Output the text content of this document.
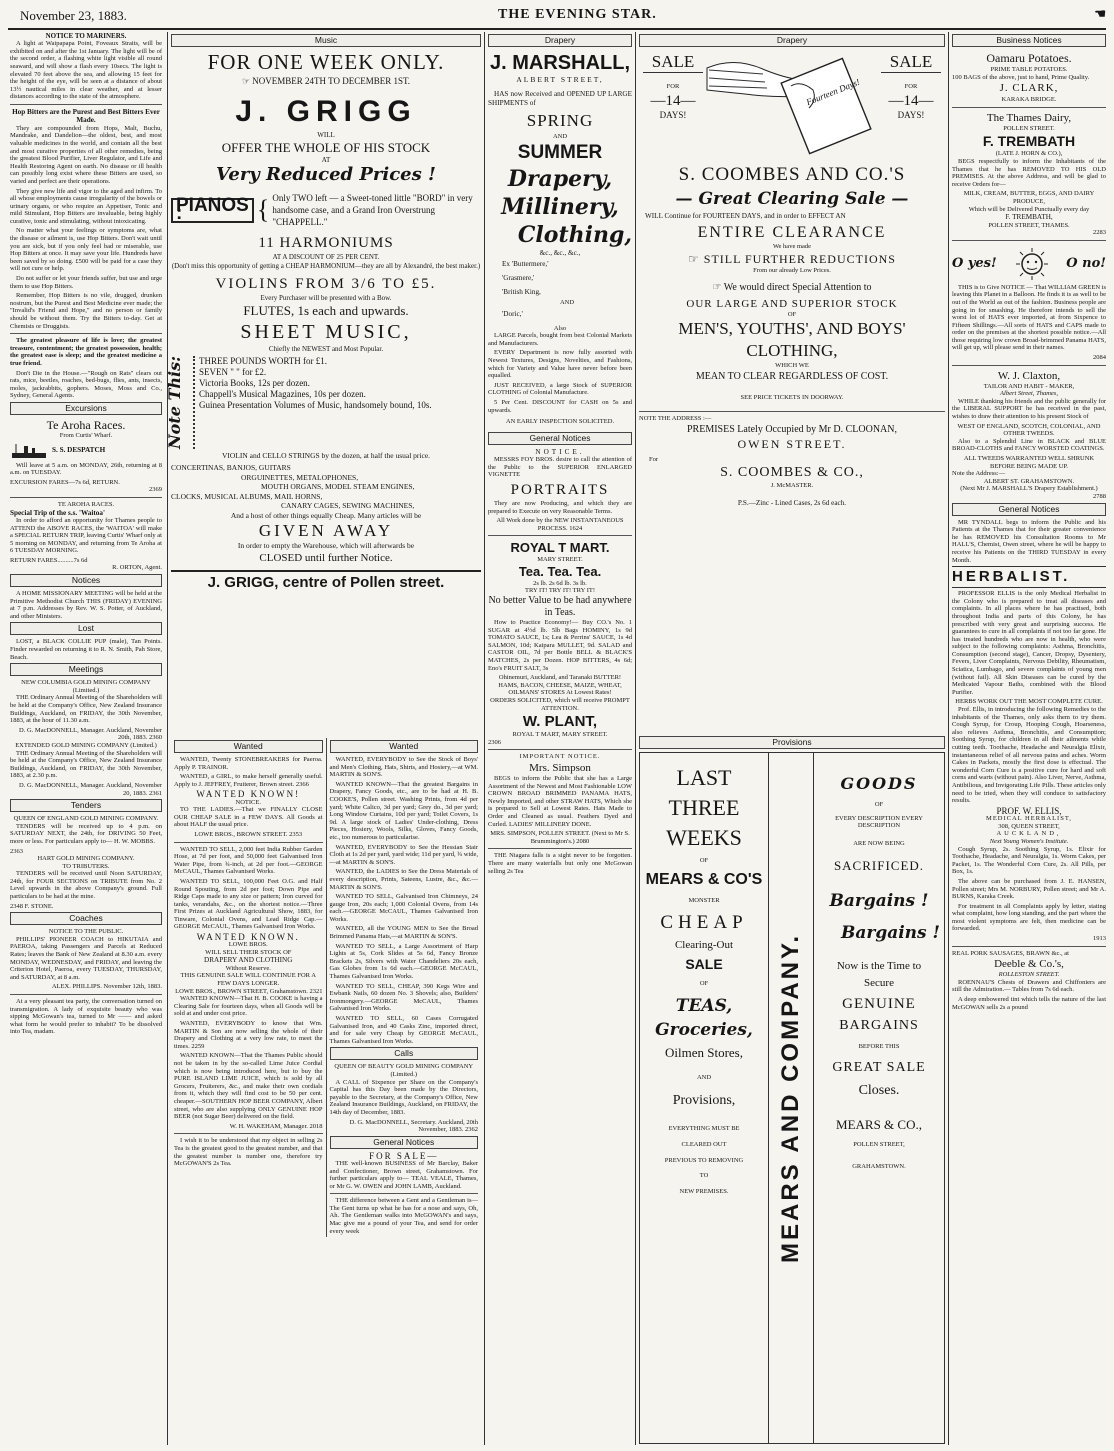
November 23, 1883.	THE EVENING STAR.	☚
NOTICE TO MARINERS.

A light at Waipapapa Point, Foveaux Straits, will be exhibited on and after the 1st January. The light will be of the second order, a flashing white light visible all round seaward, and will show a flash every 10secs. The light is elevated 70 feet above the sea, and allowing 15 feet for the height of the eye, will be seen at a distance of about 13½ nautical miles in clear weather, and at lesser distances according to the state of the atmosphere.

Hop Bitters are the Purest and Best Bitters Ever Made.

They are compounded from Hops, Malt, Buchu, Mandrake, and Dandelion—the oldest, best, and most valuable medicines in the world, and contain all the best and most curative properties of all other remedies, being the greatest Blood Purifier, Liver Regulator, and Life and Health Restoring Agent on earth. No disease or ill health can possibly long exist where these Bitters are used, so varied and perfect are their operations.

They give new life and vigor to the aged and infirm. To all whose employments cause irregularity of the bowels or urinary organs, or who require an Appetiser, Tonic and mild Stimulant, Hop Bitters are invaluable, being highly curative, tonic and stimulating, without intoxicating.

No matter what your feelings or symptoms are, what the disease or ailment is, use Hop Bitters. Don't wait until you are sick, but if you only feel bad or miserable, use Hop Bitters at once. It may save your life. Hundreds have been saved by so doing. £500 will be paid for a case they will not cure or help.

Do not suffer or let your friends suffer, but use and urge them to use Hop Bitters.

Remember, Hop Bitters is no vile, drugged, drunken nostrum, but the Purest and Best Medicine ever made; the "Invalid's Friend and Hope," and no person or family should be without them. Try the Bitters to-day. Get at Chemists or Druggists.

The greatest pleasure of life is love; the greatest treasure, contentment; the greatest possession, health; the greatest ease is sleep; and the greatest medicine a true friend.

Don't Die in the House.—"Rough on Rats" clears out rats, mice, beetles, roaches, bed-bugs, flies, ants, insects, moles, jackrabbits, gophers. Moses, Moss and Co., Sydney, General Agents.

Excursions
Te Aroha Races.
From Curtis' Wharf.
S. S. DESPATCH

Will leave at 5 a.m. on MONDAY, 26th, returning at 8 a.m. on TUESDAY.

EXCURSION FARES—7s 6d, RETURN.
2369
TE AROHA RACES.
Special Trip of the s.s. 'Waitoa'

In order to afford an opportunity for Thames people to ATTEND the ABOVE RACES, the 'WAITOA' will make a SPECIAL RETURN TRIP, leaving Curtis' Wharf only at 5 morning on MONDAY, and returning from Te Aroha at 6 TUESDAY MORNING.

RETURN FARES..........7s 6d
R. ORTON, Agent.
Notices

A HOME MISSIONARY MEETING will be held at the Primitive Methodist Church THIS (FRIDAY) EVENING at 7 p.m. Addresses by Rev. W. S. Potter, of Auckland, and other Ministers.

Lost

LOST, a BLACK COLLIE PUP (male), Tan Points. Finder rewarded on returning it to R. N. Smith, Pah Store, Beach.

Meetings
NEW COLUMBIA GOLD MINING COMPANY (Limited.)

THE Ordinary Annual Meeting of the Shareholders will be held at the Company's Office, New Zealand Insurance Buildings, Auckland, on FRIDAY, the 30th November, 1883, at the hour of 11.30 a.m.

D. G. MacDONNELL, Manager. Auckland, November 20th, 1883. 2360
EXTENDED GOLD MINING COMPANY (Limited.)

THE Ordinary Annual Meeting of the Shareholders will be held at the Company's Office, New Zealand Insurance Buildings, Auckland, on FRIDAY, the 30th November, 1883, at 2.30 p.m.

D. G. MacDONNELL, Manager. Auckland, November 20, 1883. 2361
Tenders
QUEEN OF ENGLAND GOLD MINING COMPANY.

TENDERS will be received up to 4 p.m. on SATURDAY NEXT, the 24th, for DRIVING 50 Feet, more or less. For particulars apply to— H. W. MOBBS.

2363
HART GOLD MINING COMPANY.
TO TRIBUTERS.

TENDERS will be received until Noon SATURDAY, 24th, for FOUR SECTIONS on TRIBUTE from No. 2 Level upwards in the above Company's ground. Full particulars to be had at the mine.

2348 F. STONE.
Coaches
NOTICE TO THE PUBLIC.

PHILLIPS' PIONEER COACH to HIKUTAIA and PAEROA, taking Passengers and Parcels at Reduced Rates; leaves the Bank of New Zealand at 8.30 a.m. every MONDAY, WEDNESDAY, and FRIDAY, and leaving the Criterion Hotel, Paeroa, every TUESDAY, THURSDAY, and SATURDAY, at 8 a.m.

ALEX. PHILLIPS. November 12th, 1883.

At a very pleasant tea party, the conversation turned on transmigration. A lady of exquisite beauty who was sipping McGowan's tea, turned to Mr —— and asked what form he would prefer to inhabit? To be dissolved into Tea, madam.

Music
FOR ONE WEEK ONLY.
☞ NOVEMBER 24TH TO DECEMBER 1ST.
J. GRIGG
WILL
OFFER THE WHOLE OF HIS STOCK
AT
Very Reduced Prices !
PIANOS :	{ Only TWO left — a Sweet-toned little "BORD" in very handsome case, and a Grand Iron Overstrung "CHAPPELL."
11 HARMONIUMS
AT A DISCOUNT OF 25 PER CENT.
(Don't miss this opportunity of getting a CHEAP HARMONIUM—they are all by Alexandré, the best maker.)
VIOLINS FROM 3/6 TO £5.
Every Purchaser will be presented with a Bow.
FLUTES, 1s each and upwards.
SHEET MUSIC,
Chiefly the NEWEST and Most Popular.
Note This:	THREE POUNDS WORTH for £1.
SEVEN " " for £2.
Victoria Books, 12s per dozen.
Chappell's Musical Magazines, 10s per dozen.
Guinea Presentation Volumes of Music, handsomely bound, 10s.
VIOLIN and CELLO STRINGS by the dozen, at half the usual price.
CONCERTINAS, BANJOS, GUITARS
ORGUINETTES, METALOPHONES,
MOUTH ORGANS, MODEL STEAM ENGINES,
CLOCKS, MUSICAL ALBUMS, MAIL HORNS,
CANARY CAGES, SEWING MACHINES,
And a host of other things equally Cheap. Many articles will be
GIVEN AWAY
In order to empty the Warehouse, which will afterwards be
CLOSED until further Notice.
J. GRIGG, centre of Pollen street.
Wanted

WANTED, Twenty STONEBREAKERS for Paeroa. Apply P. TRAINOR.

WANTED, a GIRL, to make herself generally useful. Apply to J. JEFFREY, Fruiterer, Brown street. 2366

WANTED KNOWN!
NOTICE.

TO THE LADIES.—That we FINALLY CLOSE OUR CHEAP SALE in a FEW DAYS. All Goods at about HALF the usual price.

LOWE BROS., BROWN STREET. 2353

WANTED TO SELL, 2,000 feet India Rubber Garden Hose, at 7d per foot, and 50,000 feet Galvanised Iron Water Pipe, from ¾-inch, at 2d per foot.—GEORGE McCAUL, Thames Galvanised Works.

WANTED TO SELL, 100,000 Feet O.G. and Half Round Spouting, from 2d per foot; Down Pipe and Ridge Caps made to any size or pattern; Iron curved for tanks, verandahs, &c., on the shortest notice.—Three First Prizes at Auckland Agricultural Show, 1883, for Tinware, Colonial Ovens, and Lead Ridge Cap.—GEORGE McCAUL, Thames Galvanised Iron Works.

WANTED KNOWN.
LOWE BROS.
WILL SELL THEIR STOCK OF
DRAPERY AND CLOTHING
Without Reserve.
THIS GENUINE SALE WILL CONTINUE FOR A FEW DAYS LONGER.
LOWE BROS., BROWN STREET, Grahamstown. 2321

WANTED KNOWN—That H. B. COOKE is having a Clearing Sale for fourteen days, when all Goods will be sold at and under cost price.

WANTED, EVERYBODY to know that Wm. MARTIN & Son are now selling the whole of their Drapery and Clothing at a very low rate, to meet the times. 2259

WANTED KNOWN—That the Thames Public should not be taken in by the so-called Lime Juice Cordial which is now being introduced here, but to buy the PURE ISLAND LIME JUICE, which is sold by all Grocers, Fruiterers, &c., and make their own cordials from it, which they will find cost to be 50 per cent. cheaper.—SOUTHERN HOP BEER COMPANY, Albert street, who are also supplying ONLY GENUINE HOP BEER (not Sugar Beer) delivered on the field.

W. H. WAKEHAM, Manager. 2018

I wish it to be understood that my object in selling 2s Tea is the greatest good to the greatest number, and that the greatest number is number one, therefore try McGOWAN'S 2s Tea.

Wanted

WANTED, EVERYBODY to See the Stock of Boys' and Men's Clothing, Hats, Shirts, and Hosiery,—at WM. MARTIN & SON'S.

WANTED KNOWN—That the greatest Bargains in Drapery, Fancy Goods, etc., are to be had at H. B. COOKE'S, Pollen street. Washing Prints, from 4d per yard; White Calico, 3d per yard; Grey do., 3d per yard; Long Window Curtains, 10d per yard; Toilet Covers, 1s 9d. A large stock of Ladies' Under-clothing, Dress Pieces, Hosiery, Wools, Silks, Gloves, Fancy Goods, etc., too numerous to particularise.

WANTED, EVERYBODY to See the Hessian Stair Cloth at 1s 2d per yard, yard wide; 11d per yard, ¾ wide,—at MARTIN & SON'S.

WANTED, the LADIES to See the Dress Materials of every description, Prints, Sateens, Lustre, &c., &c.—MARTIN & SON'S.

WANTED TO SELL, Galvanised Iron Chimneys, 24 gauge Iron, 20s each; 1,000 Colonial Ovens, from 14s each.—GEORGE McCAUL, Thames Galvanised Iron Works.

WANTED, all the YOUNG MEN to See the Broad Brimmed Panama Hats,—at MARTIN & SON'S.

WANTED TO SELL, a Large Assortment of Harp Lights at 5s, Cork Slides at 5s 6d, Fancy Bronze Brackets 2s, Silvers with Water Chandeliers 20s each, Gas Globes from 1s 6d each.—GEORGE McCAUL, Thames Galvanised Iron Works.

WANTED TO SELL, CHEAP, 390 Kegs Wire and Ewbank Nails, 60 dozen No. 3 Shovels; also, Builders' Ironmongery.—GEORGE McCAUL, Thames Galvanised Iron Works.

WANTED TO SELL, 60 Cases Corrugated Galvanised Iron, and 40 Casks Zinc, imported direct, and for sale very Cheap by GEORGE McCAUL, Thames Galvanised Iron Works.

Calls
QUEEN OF BEAUTY GOLD MINING COMPANY (Limited.)

A CALL of Sixpence per Share on the Company's Capital has this Day been made by the Directors, payable to the Secretary, at the Company's Office, New Zealand Insurance Buildings, Auckland, on FRIDAY, the 14th day of December, 1883.

D. G. MacDONNELL, Secretary. Auckland, 20th November, 1883. 2362
General Notices
FOR SALE—

THE well-known BUSINESS of Mr Barclay, Baker and Confectioner, Brown street, Grahamstown. For further particulars apply to— TEAL VEALE, Thames, or Mr G. W. OWEN and JOHN LAMB, Auckland.

THE difference between a Gent and a Gentleman is—The Gent turns up what he has for a nose and says, Oh, Ah. The Gentleman walks into McGOWAN's and says, Mac give me a pound of your Tea, and send for order every week

Drapery
J. MARSHALL,
ALBERT STREET,

HAS now Received and OPENED UP LARGE SHIPMENTS of

SPRING
AND
SUMMER
Drapery,
Millinery,
Clothing,
&c., &c., &c.,
Ex 'Buttermere,'
'Grasmere,'
'British King,
AND
'Doric,'
Also

LARGE Parcels, bought from best Colonial Markets and Manufacturers.

EVERY Department is now fully assorted with Newest Textures, Designs, Novelties, and Fashions, which for Variety and Value have never before been equalled.

JUST RECEIVED, a large Stock of SUPERIOR CLOTHING of Colonial Manufacture.

5 Per Cent. DISCOUNT for CASH on 5s and upwards.

AN EARLY INSPECTION SOLICITED.
General Notices
NOTICE.

MESSRS FOY BROS. desire to call the attention of the Public to the SUPERIOR ENLARGED VIGNETTE

PORTRAITS

They are now Producing, and which they are prepared to Execute on very Reasonable Terms.

All Work done by the NEW INSTANTANEOUS PROCESS. 1624
ROYAL T MART.
MARY STREET.
Tea. Tea. Tea.
2s lb. 2s 6d lb. 3s lb.
TRY IT! TRY IT! TRY IT!
No better Value to be had anywhere in Teas.

How to Practice Economy!— Buy CO.'s No. 1 SUGAR at 4½d lb. 5lb Bags HOMINY, 1s 9d TOMATO SAUCE, 1s; Lea & Perrins' SAUCE, 1s 4d SALMON, 10d; Kaipara MULLET, 9d. SALAD and CASTOR OIL, 7d per Bottle BELL & BLACK'S MATCHES, 2s per Dozen. HOP BITTERS, 4s 6d; Eno's FRUIT SALT, 3s

Ohinemuri, Auckland, and Taranaki BUTTER!
HAMS, BACON, CHEESE, MAIZE, WHEAT, OILMANS' STORES At Lowest Rates!
ORDERS SOLICITED, which will receive PROMPT ATTENTION.
W. PLANT,
ROYAL T MART, MARY STREET.
2306
IMPORTANT NOTICE.
Mrs. Simpson

BEGS to inform the Public that she has a Large Assortment of the Newest and Most Fashionable LOW CROWN BROAD BRIMMED PANAMA HATS, Newly Imported, and other STRAW HATS, Which she is prepared to Sell at Lowest Rates. Hats Made to Order and Cleaned as usual. Feathers Dyed and Curled. LADIES' MILLINERY DONE.

MRS. SIMPSON, POLLEN STREET. (Next to Mr S. Brummington's.) 2080

THE Niagara falls is a sight never to be forgotten. There are many waterfalls but only one McGowan selling 2s Tea

Drapery
SALE
FOR
—14—
DAYS!
Fourteen Days!
SALE
FOR
—14—
DAYS!
S. COOMBES AND CO.'S
— Great Clearing Sale —
WILL Continue for FOURTEEN DAYS, and in order to EFFECT AN
ENTIRE CLEARANCE
We have made
☞ STILL FURTHER REDUCTIONS
From our already Low Prices.
☞ We would direct Special Attention to
OUR LARGE AND SUPERIOR STOCK
OF
MEN'S, YOUTHS', AND BOYS'
CLOTHING,
WHICH WE
MEAN TO CLEAR REGARDLESS OF COST.
SEE PRICE TICKETS IN DOORWAY.
NOTE THE ADDRESS :—
PREMISES Lately Occupied by Mr D. CLOONAN,
OWEN STREET.
For
S. COOMBES & CO.,
J. McMASTER.
P.S.—Zinc - Lined Cases, 2s 6d each.
Provisions
LAST
THREE
WEEKS
OF
MEARS & CO'S
MONSTER
CHEAP
Clearing-Out
SALE
OF
TEAS,
Groceries,
Oilmen Stores,
AND
Provisions,
EVERYTHING MUST BE
CLEARED OUT
PREVIOUS TO REMOVING
TO
NEW PREMISES.	MEARS AND COMPANY.
GOODS
OF
EVERY DESCRIPTION EVERY DESCRIPTION
ARE NOW BEING
SACRIFICED.
Bargains !
Bargains !
Now is the Time to
Secure
GENUINE
BARGAINS
BEFORE THIS
GREAT SALE
Closes.
MEARS & CO.,
POLLEN STREET,
GRAHAMSTOWN.
Business Notices
Oamaru Potatoes.
PRIME TABLE POTATOES.
100 BAGS of the above, just to hand, Prime Quality.
J. CLARK,
KARAKA BRIDGE.
The Thames Dairy,
POLLEN STREET.
F. TREMBATH
(LATE J. HORN & CO.),

BEGS respectfully to inform the Inhabitants of the Thames that he has REMOVED TO HIS OLD PREMISES. At the above Address, and will be glad to receive Orders for—

MILK, CREAM, BUTTER, EGGS, AND DAIRY PRODUCE,
Which will be Delivered Punctually every day
F. TREMBATH,
POLLEN STREET, THAMES.
2283
O yes!	O no!

THIS is to Give NOTICE — That WILLIAM GREEN is leaving this Planet in a Balloon. He finds it is as well to be out of the World as out of the fashion. Business people are going in for smashing. He therefore intends to sell the worst lot of HATS ever imported, at from Sixpence to Fifteen Shillings.—All sorts of HATS and CAPS made to order on the premises at the shortest possible notice.—All those requiring low crown Broad-brimmed Panama HATS, will get up, will please send in their names.

2084
W. J. Claxton,
TAILOR AND HABIT - MAKER,
Albert Street, Thames,

WHILE thanking his friends and the public generally for the LIBERAL SUPPORT he has received in the past, wishes to draw their attention to his present Stock of

WEST OF ENGLAND, SCOTCH, COLONIAL, AND OTHER TWEEDS.

Also to a Splendid Line in BLACK and BLUE BROAD-CLOTHS and FANCY WORSTED COATINGS.

ALL TWEEDS WARRANTED WELL SHRUNK BEFORE BEING MADE UP.
Note the Address:—
ALBERT ST. GRAHAMSTOWN.
(Next Mr J. MARSHALL'S Drapery Establishment.)
2788
General Notices

MR TYNDALL begs to inform the Public and his Patients at the Thames that for their greater convenience he has REMOVED his Consultation Rooms to Mr HALL'S, Chemist, Owen street, where he will be happy to receive his Patients on the THIRD TUESDAY in every Month.

HERBALIST.

PROFESSOR ELLIS is the only Medical Herbalist in the Colony who is prepared to treat all diseases and complaints. In all places where he has practised, both throughout India and parts of this Colony, he has prescribed with very great and surprising success. He guarantees to cure in all complaints if not too far gone. He has treated hundreds who are now in health, who were subject to the following complaints: Asthma, Bronchitis, Consumption (second stage), Cancer, Dropsy, Dysentery, Fevers, Liver Complaints, Nervous Debility, Rheumatism, Sciatica, Lumbago, and severe complaints of young men (without fail). All Skin Diseases can be cured by the Medicated Vapour Baths, combined with the Blood Purifier.

HERBS WORK OUT THE MOST COMPLETE CURE.

Prof. Ellis, in introducing the following Remedies to the inhabitants of the Thames, only asks them to try them. Cough Syrup, for Croup, Hooping Cough, Hoarseness, also relieves Asthma, Bronchitis, and Consumption; Soothing Syrup, for children in all their ailments while cutting teeth. Toothache, Headache and Neuralgia Elixir, instantaneous relief of all nervous pains and aches. Worm Cakes in Packets, mostly the first dose is effectual. The wonderful Corn Cure is a positive cure for hard and soft corns and warts (without pain). Also Liver, Nerve, Asthma, Antibilious, and Invigorating Life Pills. These articles only need to be tried, when they will conduce to satisfactory results.

PROF. W. ELLIS,
MEDICAL HERBALIST,
308, QUEEN STREET,
AUCKLAND,
Next Young Women's Institute.

Cough Syrup, 2s. Soothing Syrup, 1s. Elixir for Toothache, Headache, and Neuralgia, 1s. Worm Cakes, per Packet, 1s. The Wonderful Corn Cure, 2s. All Pills, per Box, 1s.

The above can be purchased from J. E. HANSEN, Pollen street; Mrs M. NORBURY, Pollen street; and Mr A. BURNS, Karaka Creek.

For treatment in all Complaints apply by letter, stating what complaint, how long standing, and the part where the most violent symptoms are felt, then medicine can be forwarded.

1913
REAL PORK SAUSAGES, BRAWN &c., at
Deeble & Co.'s,
ROLLESTON STREET.

ROENNAU'S Chests of Drawers and Chiffoniers are still the Admiration.— Tables from 7s 6d each.

A deep embowered tint which tells the nature of the last McGOWAN sells 2s a pound
